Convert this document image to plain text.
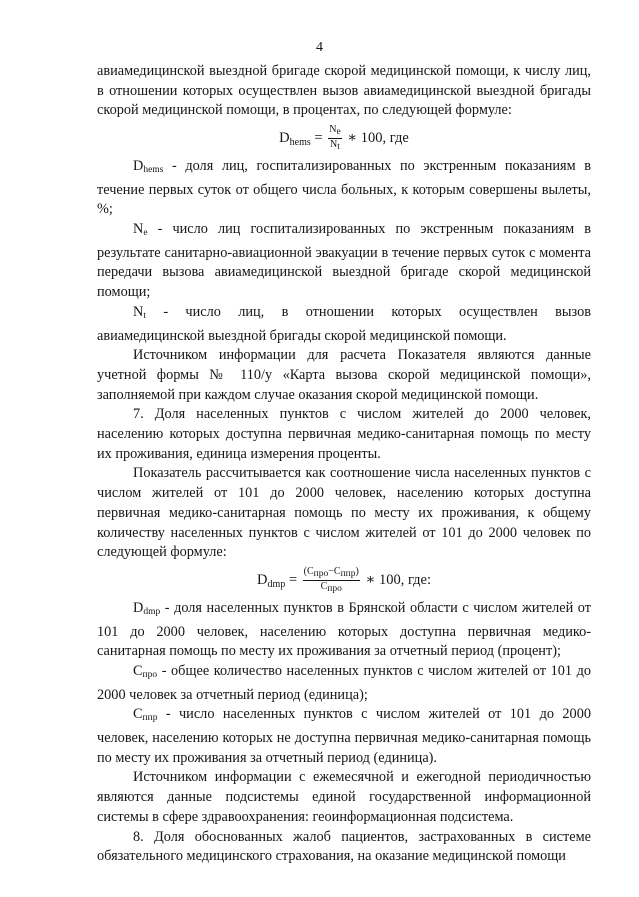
4

авиамедицинской выездной бригаде скорой медицинской помощи, к числу лиц, в отношении которых осуществлен вызов авиамедицинской выездной бригады скорой медицинской помощи, в процентах, по следующей формуле:

$D_{hems} = \frac{Ne}{Nt}$ ∗ 100, где

$D_{hems}$ - доля лиц, госпитализированных по экстренным показаниям в течение первых суток от общего числа больных, к которым совершены вылеты, %;

$N_e$ - число лиц госпитализированных по экстренным показаниям в результате санитарно-авиационной эвакуации в течение первых суток с момента передачи вызова авиамедицинской выездной бригаде скорой медицинской помощи;

$N_t$ - число лиц, в отношении которых осуществлен вызов авиамедицинской выездной бригады скорой медицинской помощи.

Источником информации для расчета Показателя являются данные учетной формы № 110/у «Карта вызова скорой медицинской помощи», заполняемой при каждом случае оказания скорой медицинской помощи.

7. Доля населенных пунктов с числом жителей до 2000 человек, населению которых доступна первичная медико-санитарная помощь по месту их проживания, единица измерения проценты.

Показатель рассчитывается как соотношение числа населенных пунктов с числом жителей от 101 до 2000 человек, населению которых доступна первичная медико-санитарная помощь по месту их проживания, к общему количеству населенных пунктов с числом жителей от 101 до 2000 человек по следующей формуле:

$D_{dmp} = \frac{\text{(Cпро−Cппр)}}{\text{Cпро}}$ ∗ 100, где:

$D_{dmp}$ - доля населенных пунктов в Брянской области с числом жителей от 101 до 2000 человек, населению которых доступна первичная медико-санитарная помощь по месту их проживания за отчетный период (процент);

$C_{про}$ - общее количество населенных пунктов с числом жителей от 101 до 2000 человек за отчетный период (единица);

$C_{ппр}$ - число населенных пунктов с числом жителей от 101 до 2000 человек, населению которых не доступна первичная медико-санитарная помощь по месту их проживания за отчетный период (единица).

Источником информации с ежемесячной и ежегодной периодичностью являются данные подсистемы единой государственной информационной системы в сфере здравоохранения: геоинформационная подсистема.

8. Доля обоснованных жалоб пациентов, застрахованных в системе обязательного медицинского страхования, на оказание медицинской помощи
